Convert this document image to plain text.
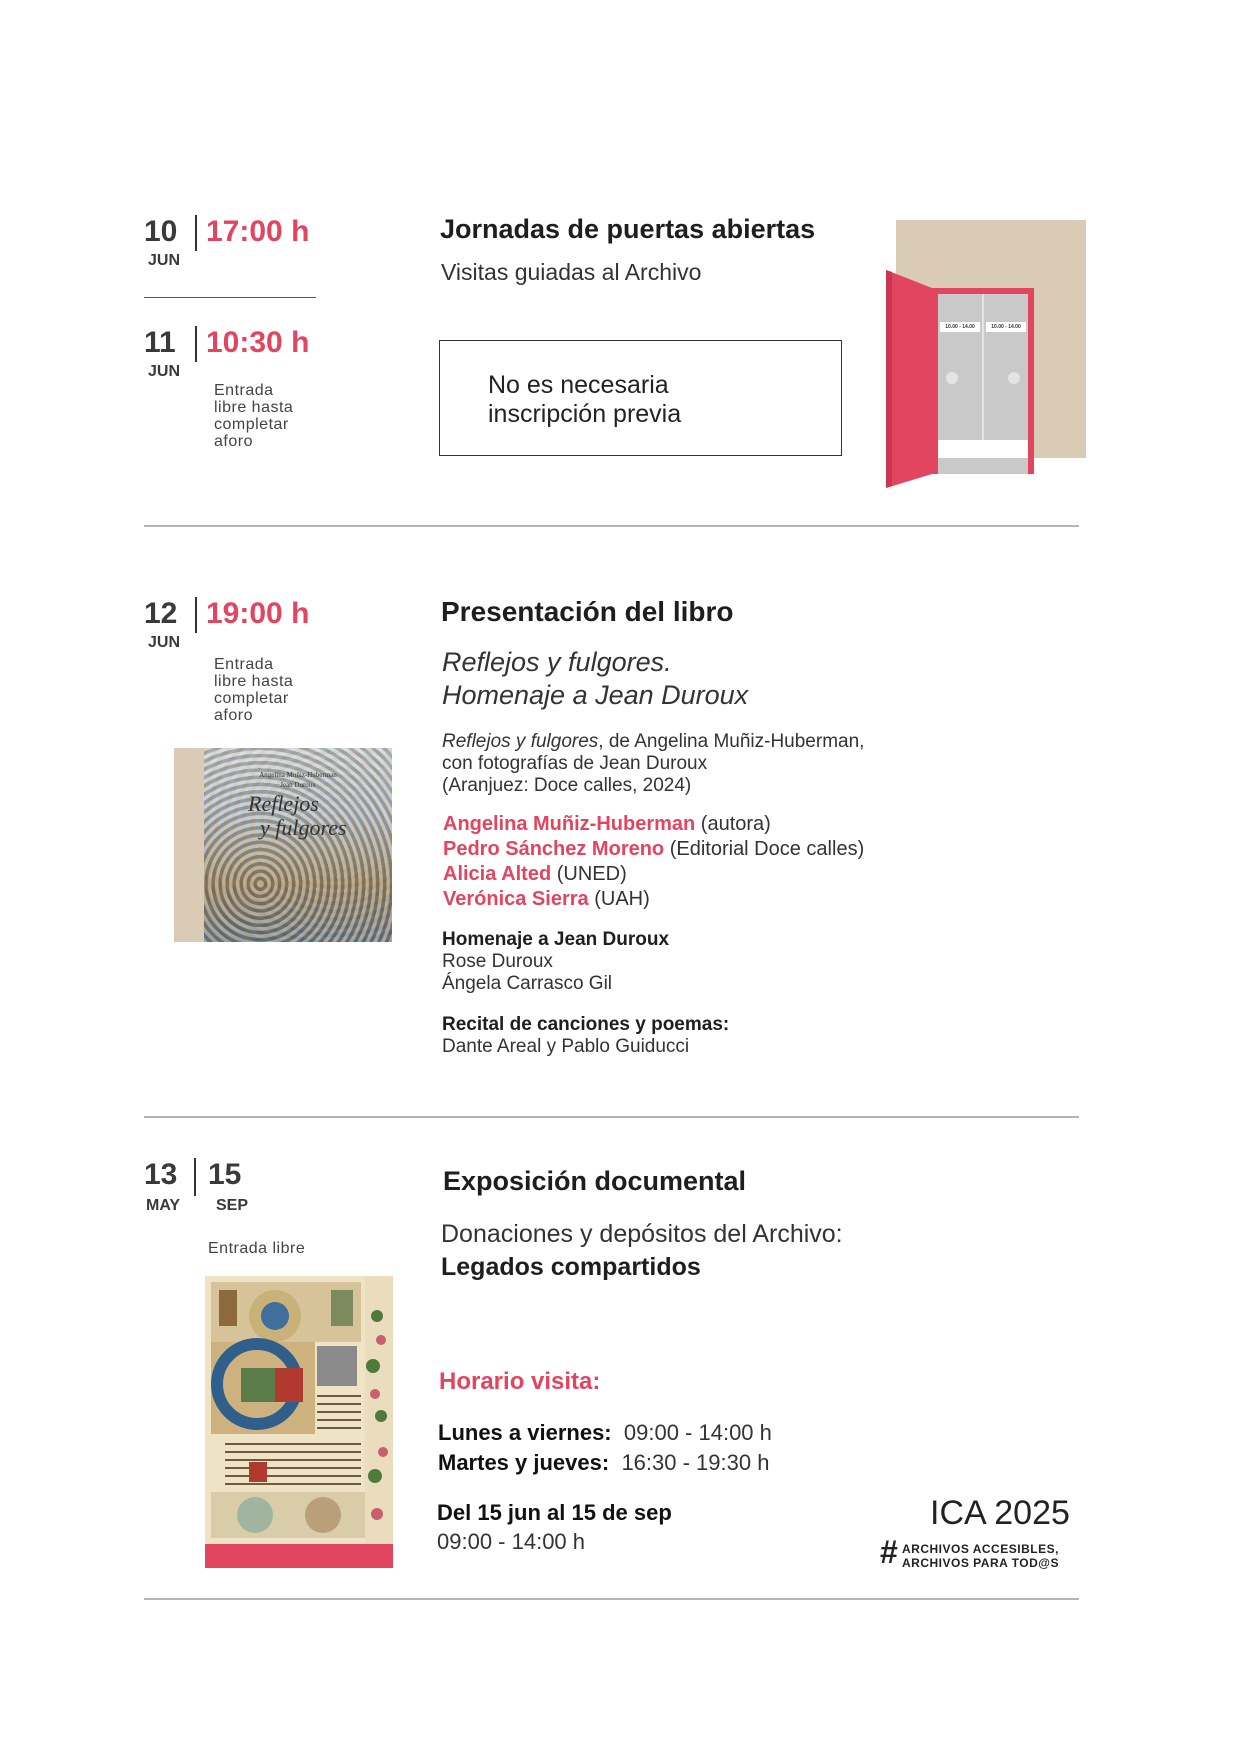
10
JUN
17:00 h
11
JUN
10:30 h
Entrada
libre hasta
completar
aforo
Jornadas de puertas abiertas
Visitas guiadas al Archivo
No es necesaria
inscripción previa
10.00 - 14.00	10.00 - 14.00
12
JUN
19:00 h
Entrada
libre hasta
completar
aforo
Angelina Muñiz-Huberman
Jean Duroux
Reflejos
y fulgores
Presentación del libro
Reflejos y fulgores.
Homenaje a Jean Duroux
Reflejos y fulgores, de Angelina Muñiz-Huberman,
con fotografías de Jean Duroux
(Aranjuez: Doce calles, 2024)
Angelina Muñiz-Huberman (autora)
Pedro Sánchez Moreno (Editorial Doce calles)
Alicia Alted (UNED)
Verónica Sierra (UAH)
Homenaje a Jean Duroux
Rose Duroux
Ángela Carrasco Gil
Recital de canciones y poemas:
Dante Areal y Pablo Guiducci
13
MAY
15
SEP
Entrada libre
Exposición documental
Donaciones y depósitos del Archivo:
Legados compartidos
Horario visita:
Lunes a viernes: 09:00 - 14:00 h
Martes y jueves: 16:30 - 19:30 h
Del 15 jun al 15 de sep
09:00 - 14:00 h
ICA 2025
# ARCHIVOS ACCESIBLES,
ARCHIVOS PARA TOD@S
